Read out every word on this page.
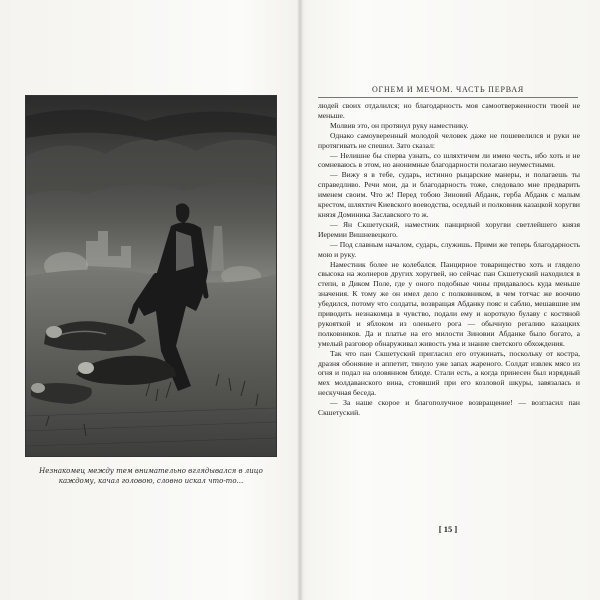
Незнакомец между тем внимательно вглядывался в лицо каждому, качал головою, словно искал что-то...
ОГНЕМ И МЕЧОМ. ЧАСТЬ ПЕРВАЯ

людей своих отдалился; но благодарность моя самоотверженности твоей не меньше.

Молвив это, он протянул руку наместнику.

Однако самоуверенный молодой человек даже не пошевелился и руки не протягивать не спешил. Зато сказал:

— Нелишне бы сперва узнать, со шляхтичем ли имею честь, ибо хоть и не сомневаюсь в этом, но анонимные благодарности полагаю неуместными.

— Вижу я в тебе, сударь, истинно рыцарские манеры, и полагаешь ты справедливо. Речи мои, да и благодарность тоже, следовало мне предварить именем своим. Что ж! Перед тобою Зиновий Абданк, герба Абданк с малым крестом, шляхтич Киевского воеводства, оседлый и полковник казацкой хоругви князя Доминика Заславского то ж.

— Ян Скшетуский, наместник панцирной хоругви светлейшего князя Иеремии Вишневецкого.

— Под славным началом, сударь, служишь. Прими же теперь благодарность мою и руку.

Наместник более не колебался. Панцирное товарищество хоть и глядело свысока на жолнеров других хоругвей, но сейчас пан Скшетуский находился в степи, в Диком Поле, где у оного подобные чины придавалось куда меньше значения. К тому же он имел дело с полковником, в чем тотчас же воочию убедился, потому что солдаты, возвращая Абданку пояс и саблю, мешавшие им приводить незнакомца в чувство, подали ему и короткую булаву с костяной рукояткой и яблоком из оленьего рога — обычную регалию казацких полковников. Да и платье на его милости Зиновии Абданке было богато, а умелый разговор обнаруживал живость ума и знание светского обхождения.

Так что пан Скшетуский пригласил его отужинать, поскольку от костра, дразня обоняние и аппетит, тянуло уже запах жареного. Солдат извлек мясо из огня и подал на оловянном блюде. Стали есть, а когда принесен был изрядный мех молдаванского вина, стоявший при его козловой шкуры, завязалась и нескучная беседа.

— За наше скорое и благополучное возвращение! — возгласил пан Скшетуский.

[ 15 ]
